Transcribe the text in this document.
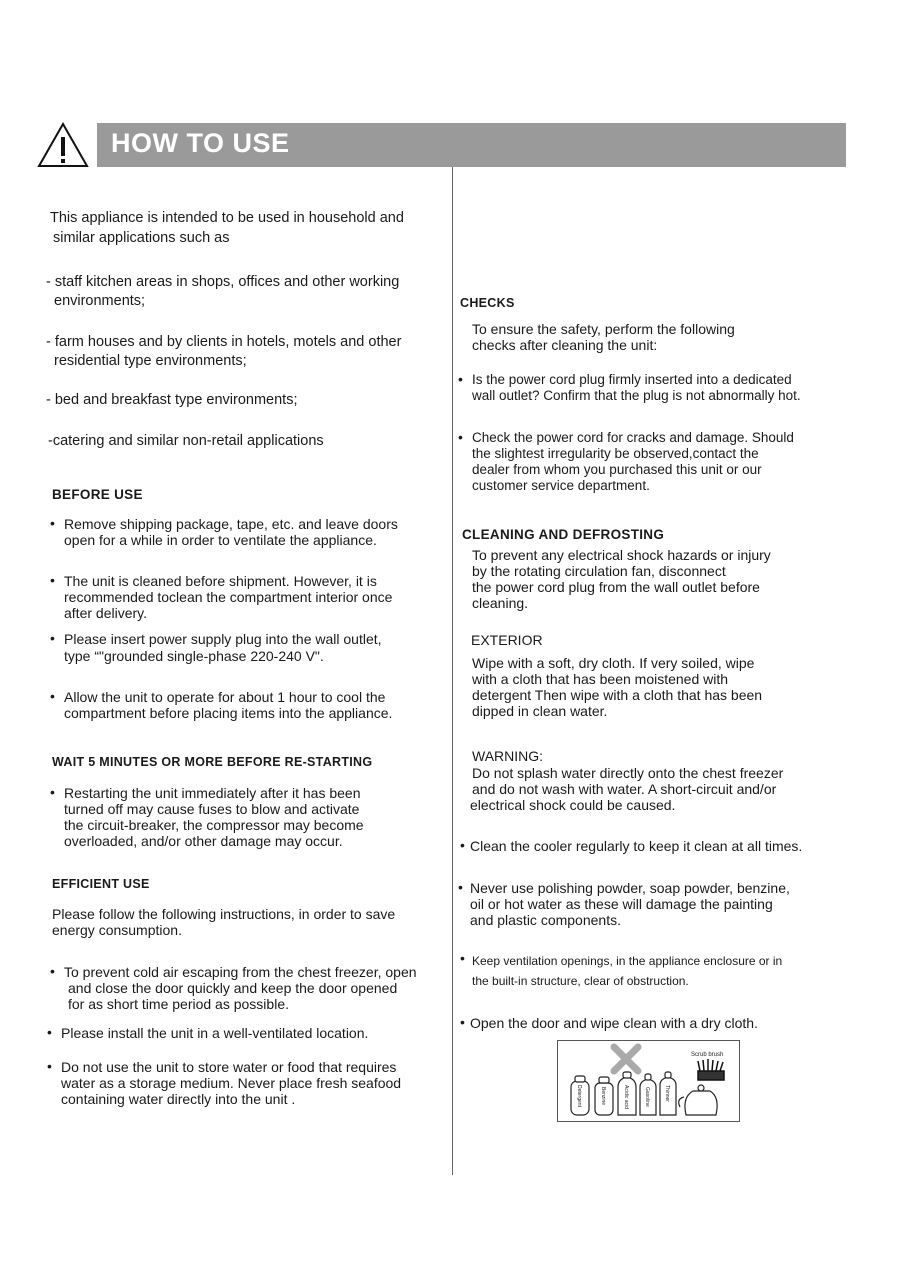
HOW TO USE
This appliance is intended to be used in household and
similar applications such as
- staff kitchen areas in shops, offices and other working
environments;
- farm houses and by clients in hotels, motels and other
residential type environments;
- bed and breakfast type environments;
-catering and similar non-retail applications
BEFORE USE
• Remove shipping package, tape, etc. and leave doors
open for a while in order to ventilate the appliance.
• The unit is cleaned before shipment. However, it is
recommended toclean the compartment interior once
after delivery.
• Please insert power supply plug into the wall outlet,
type “"grounded single-phase 220-240 V".
• Allow the unit to operate for about 1 hour to cool the
compartment before placing items into the appliance.
WAIT 5 MINUTES OR MORE BEFORE RE-STARTING
• Restarting the unit immediately after it has been
turned off may cause fuses to blow and activate
the circuit-breaker, the compressor may become
overloaded, and/or other damage may occur.
EFFICIENT USE
Please follow the following instructions, in order to save
energy consumption.
• To prevent cold air escaping from the chest freezer, open
and close the door quickly and keep the door opened
for as short time period as possible.
• Please install the unit in a well-ventilated location.
• Do not use the unit to store water or food that requires
water as a storage medium. Never place fresh seafood
containing water directly into the unit .
CHECKS
To ensure the safety, perform the following
checks after cleaning the unit:
• Is the power cord plug firmly inserted into a dedicated
wall outlet? Confirm that the plug is not abnormally hot.
• Check the power cord for cracks and damage. Should
the slightest irregularity be observed,contact the
dealer from whom you purchased this unit or our
customer service department.
CLEANING AND DEFROSTING
To prevent any electrical shock hazards or injury
by the rotating circulation fan, disconnect
the power cord plug from the wall outlet before
cleaning.
EXTERIOR
Wipe with a soft, dry cloth. If very soiled, wipe
with a cloth that has been moistened with
detergent Then wipe with a cloth that has been
dipped in clean water.
WARNING:
Do not splash water directly onto the chest freezer
and do not wash with water. A short-circuit and/or
electrical shock could be caused.
• Clean the cooler regularly to keep it clean at all times.
• Never use polishing powder, soap powder, benzine,
oil or hot water as these will damage the painting
and plastic components.
• Keep ventilation openings, in the appliance enclosure or in
the built-in structure, clear of obstruction.
• Open the door and wipe clean with a dry cloth.
Scrub brush
Detergent	Benzine	Acidic acid	Gasoline	Thinner
